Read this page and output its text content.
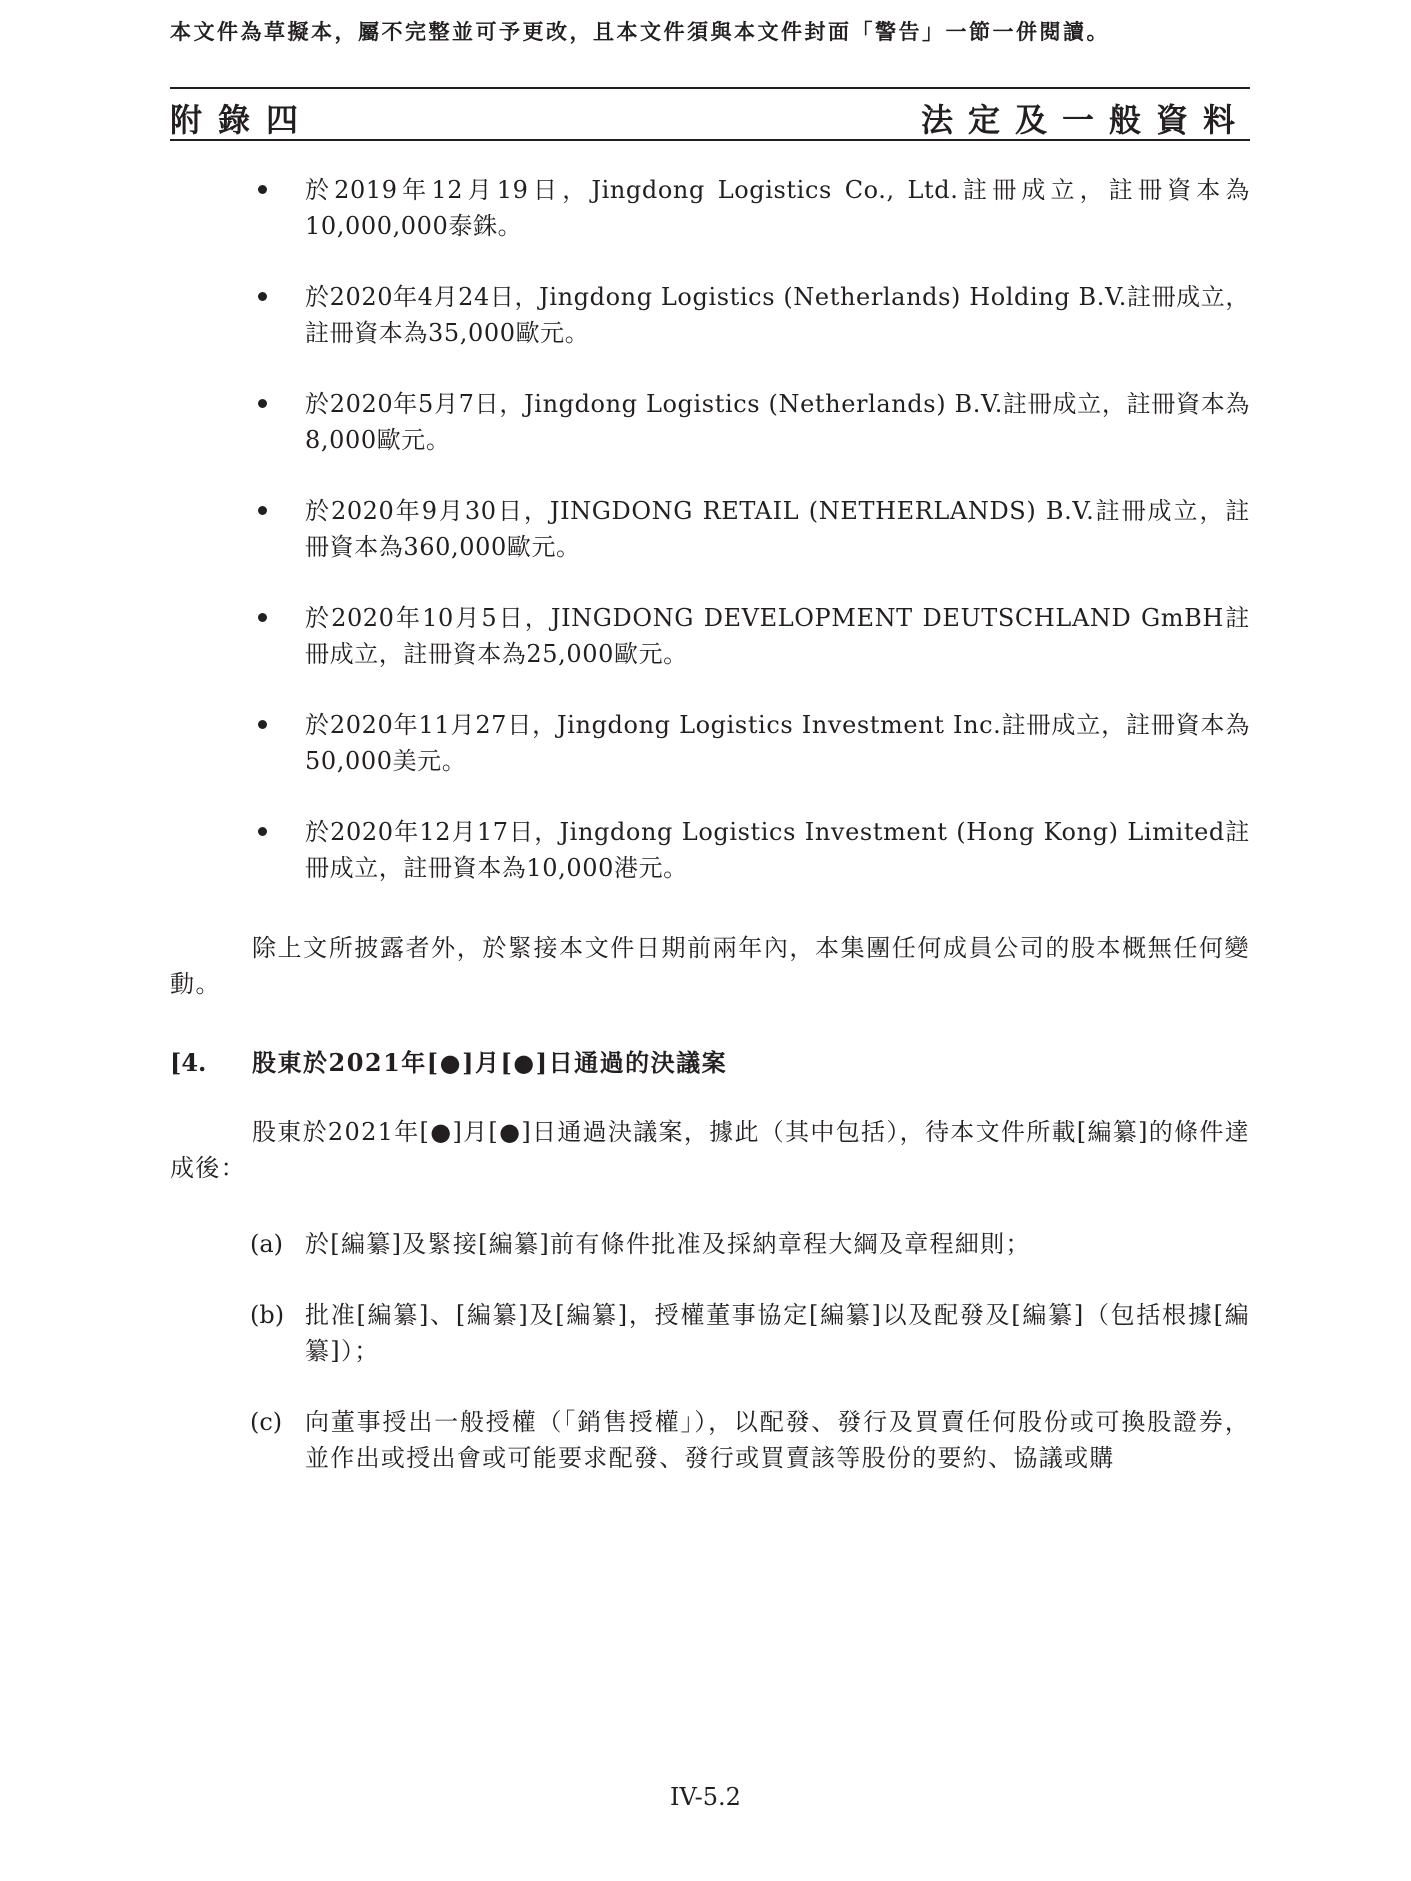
本文件為草擬本，屬不完整並可予更改，且本文件須與本文件封面「警告」一節一併閱讀。
附錄四	法定及一般資料
於2019年12月19日，Jingdong Logistics Co., Ltd.註冊成立，註冊資本為10,000,000泰銖。
於2020年4月24日，Jingdong Logistics (Netherlands) Holding B.V.註冊成立，註冊資本為35,000歐元。
於2020年5月7日，Jingdong Logistics (Netherlands) B.V.註冊成立，註冊資本為8,000歐元。
於2020年9月30日，JINGDONG RETAIL (NETHERLANDS) B.V.註冊成立，註冊資本為360,000歐元。
於2020年10月5日，JINGDONG DEVELOPMENT DEUTSCHLAND GmBH註冊成立，註冊資本為25,000歐元。
於2020年11月27日，Jingdong Logistics Investment Inc.註冊成立，註冊資本為50,000美元。
於2020年12月17日，Jingdong Logistics Investment (Hong Kong) Limited註冊成立，註冊資本為10,000港元。

除上文所披露者外，於緊接本文件日期前兩年內，本集團任何成員公司的股本概無任何變動。

[4. 股東於2021年[●]月[●]日通過的決議案

股東於2021年[●]月[●]日通過決議案，據此（其中包括），待本文件所載[編纂]的條件達成後：

(a) 於[編纂]及緊接[編纂]前有條件批准及採納章程大綱及章程細則；
(b) 批准[編纂]、[編纂]及[編纂]，授權董事協定[編纂]以及配發及[編纂]（包括根據[編纂]）；
(c) 向董事授出一般授權（「銷售授權」），以配發、發行及買賣任何股份或可換股證券，並作出或授出會或可能要求配發、發行或買賣該等股份的要約、協議或購
IV-5.2
